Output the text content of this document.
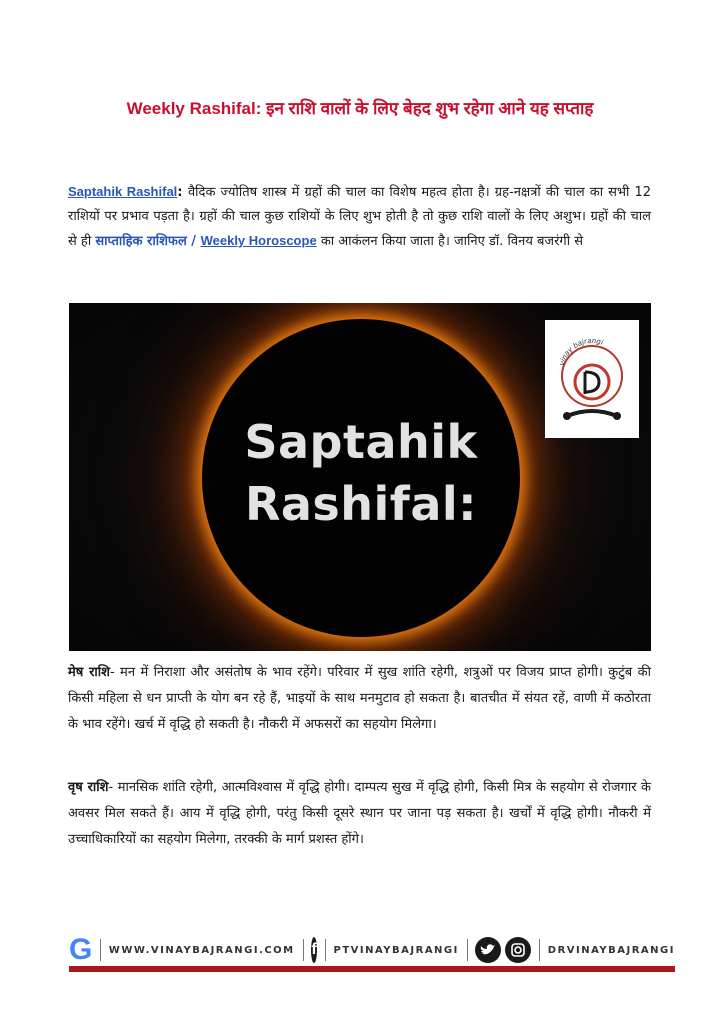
Weekly Rashifal: इन राशि वालों के लिए बेहद शुभ रहेगा आने यह सप्ताह

Saptahik Rashifal: वैदिक ज्योतिष शास्त्र में ग्रहों की चाल का विशेष महत्व होता है। ग्रह-नक्षत्रों की चाल का सभी 12 राशियों पर प्रभाव पड़ता है। ग्रहों की चाल कुछ राशियों के लिए शुभ होती है तो कुछ राशि वालों के लिए अशुभ। ग्रहों की चाल से ही साप्ताहिक राशिफल / Weekly Horoscope का आकंलन किया जाता है। जानिए डॉ. विनय बजरंगी से

Saptahik
Rashifal:
vinay bajrangi

मेष राशि- मन में निराशा और असंतोष के भाव रहेंगे। परिवार में सुख शांति रहेगी, शत्रुओं पर विजय प्राप्त होगी। कुटुंब की किसी महिला से धन प्राप्ती के योग बन रहे हैं, भाइयों के साथ मनमुटाव हो सकता है। बातचीत में संयत रहें, वाणी में कठोरता के भाव रहेंगे। खर्च में वृद्धि हो सकती है। नौकरी में अफसरों का सहयोग मिलेगा।

वृष राशि- मानसिक शांति रहेगी, आत्मविश्वास में वृद्धि होगी। दाम्पत्य सुख में वृद्धि होगी, किसी मित्र के सहयोग से रोजगार के अवसर मिल सकते हैं। आय में वृद्धि होगी, परंतु किसी दूसरे स्थान पर जाना पड़ सकता है। खर्चों में वृद्धि होगी। नौकरी में उच्चाधिकारियों का सहयोग मिलेगा, तरक्की के मार्ग प्रशस्त होंगे।

G WWW.VINAYBAJRANGI.COM f PTVINAYBAJRANGI	DRVINAYBAJRANGI
